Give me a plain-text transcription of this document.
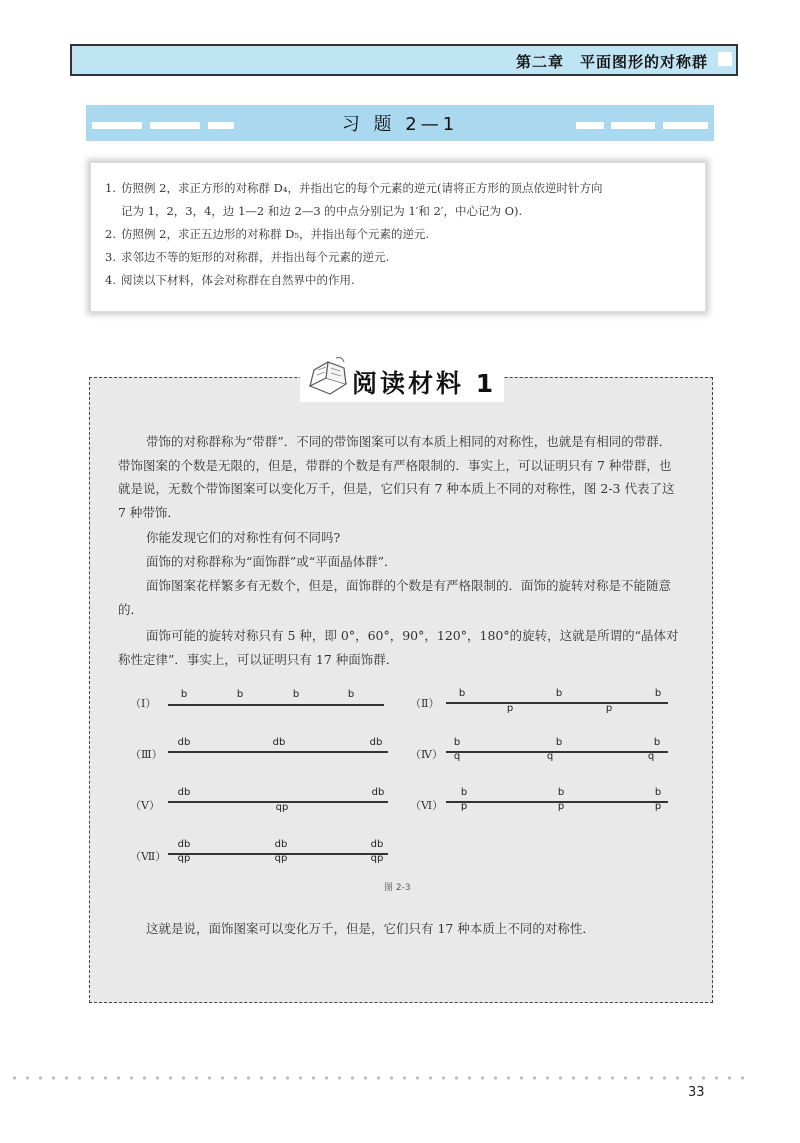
第二章　平面图形的对称群
习 题 2—1
1. 仿照例 2，求正方形的对称群 D₄，并指出它的每个元素的逆元(请将正方形的顶点依逆时针方向
记为 1，2，3，4，边 1—2 和边 2—3 的中点分别记为 1′和 2′，中心记为 O).
2. 仿照例 2，求正五边形的对称群 D₅，并指出每个元素的逆元.
3. 求邻边不等的矩形的对称群，并指出每个元素的逆元.
4. 阅读以下材料，体会对称群在自然界中的作用.
阅读材料 1

带饰的对称群称为“带群”．不同的带饰图案可以有本质上相同的对称性，也就是有相同的带群．带饰图案的个数是无限的，但是，带群的个数是有严格限制的．事实上，可以证明只有 7 种带群，也就是说，无数个带饰图案可以变化万千，但是，它们只有 7 种本质上不同的对称性，图 2-3 代表了这 7 种带饰．

你能发现它们的对称性有何不同吗?

面饰的对称群称为“面饰群”或“平面晶体群”．

面饰图案花样繁多有无数个，但是，面饰群的个数是有严格限制的．面饰的旋转对称是不能随意的．

面饰可能的旋转对称只有 5 种，即 0°，60°，90°，120°，180°的旋转，这就是所谓的“晶体对称性定律”．事实上，可以证明只有 17 种面饰群．

（Ⅰ）
b	b	b	b
（Ⅱ）
b
p
b
p
b
（Ⅲ）
db	db	db
（Ⅳ）
b
q
b
q
b
q
（Ⅴ）
db
qp
db
（Ⅵ）
b
p
b
p
b
p
（Ⅶ）
db
qp
db
qp
db
qp
图 2-3

这就是说，面饰图案可以变化万千，但是，它们只有 17 种本质上不同的对称性．

33
